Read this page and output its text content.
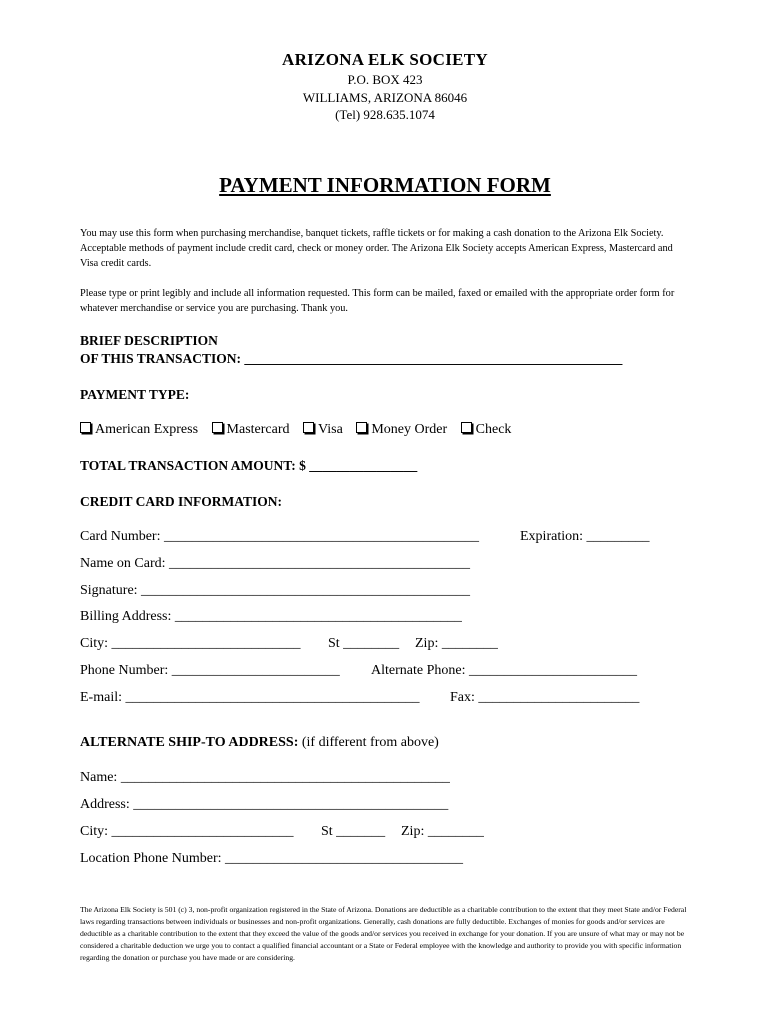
ARIZONA ELK SOCIETY
P.O. BOX 423
WILLIAMS, ARIZONA 86046
(Tel) 928.635.1074
PAYMENT INFORMATION FORM
You may use this form when purchasing merchandise, banquet tickets, raffle tickets or for making a cash donation to the Arizona Elk Society. Acceptable methods of payment include credit card, check or money order. The Arizona Elk Society accepts American Express, Mastercard and Visa credit cards.
Please type or print legibly and include all information requested. This form can be mailed, faxed or emailed with the appropriate order form for whatever merchandise or service you are purchasing. Thank you.
BRIEF DESCRIPTION
OF THIS TRANSACTION: ________________________________________________________
PAYMENT TYPE:
American Express Mastercard Visa Money Order Check
TOTAL TRANSACTION AMOUNT: $ ________________
CREDIT CARD INFORMATION:
Card Number: _____________________________________________	Expiration: _________
Name on Card: ___________________________________________
Signature: _______________________________________________
Billing Address: _________________________________________
City: ___________________________ St ________ Zip: ________
Phone Number: ________________________ Alternate Phone: ________________________
E-mail: __________________________________________ Fax: _______________________
ALTERNATE SHIP-TO ADDRESS: (if different from above)
Name: _______________________________________________
Address: _____________________________________________
City: __________________________ St _______ Zip: ________
Location Phone Number: __________________________________
The Arizona Elk Society is 501 (c) 3, non-profit organization registered in the State of Arizona. Donations are deductible as a charitable contribution to the extent that they meet State and/or Federal laws regarding transactions between individuals or businesses and non-profit organizations. Generally, cash donations are fully deductible. Exchanges of monies for goods and/or services are deductible as a charitable contribution to the extent that they exceed the value of the goods and/or services you received in exchange for your donation. If you are unsure of what may or may not be considered a charitable deduction we urge you to contact a qualified financial accountant or a State or Federal employee with the knowledge and authority to provide you with specific information regarding the donation or purchase you have made or are considering.
